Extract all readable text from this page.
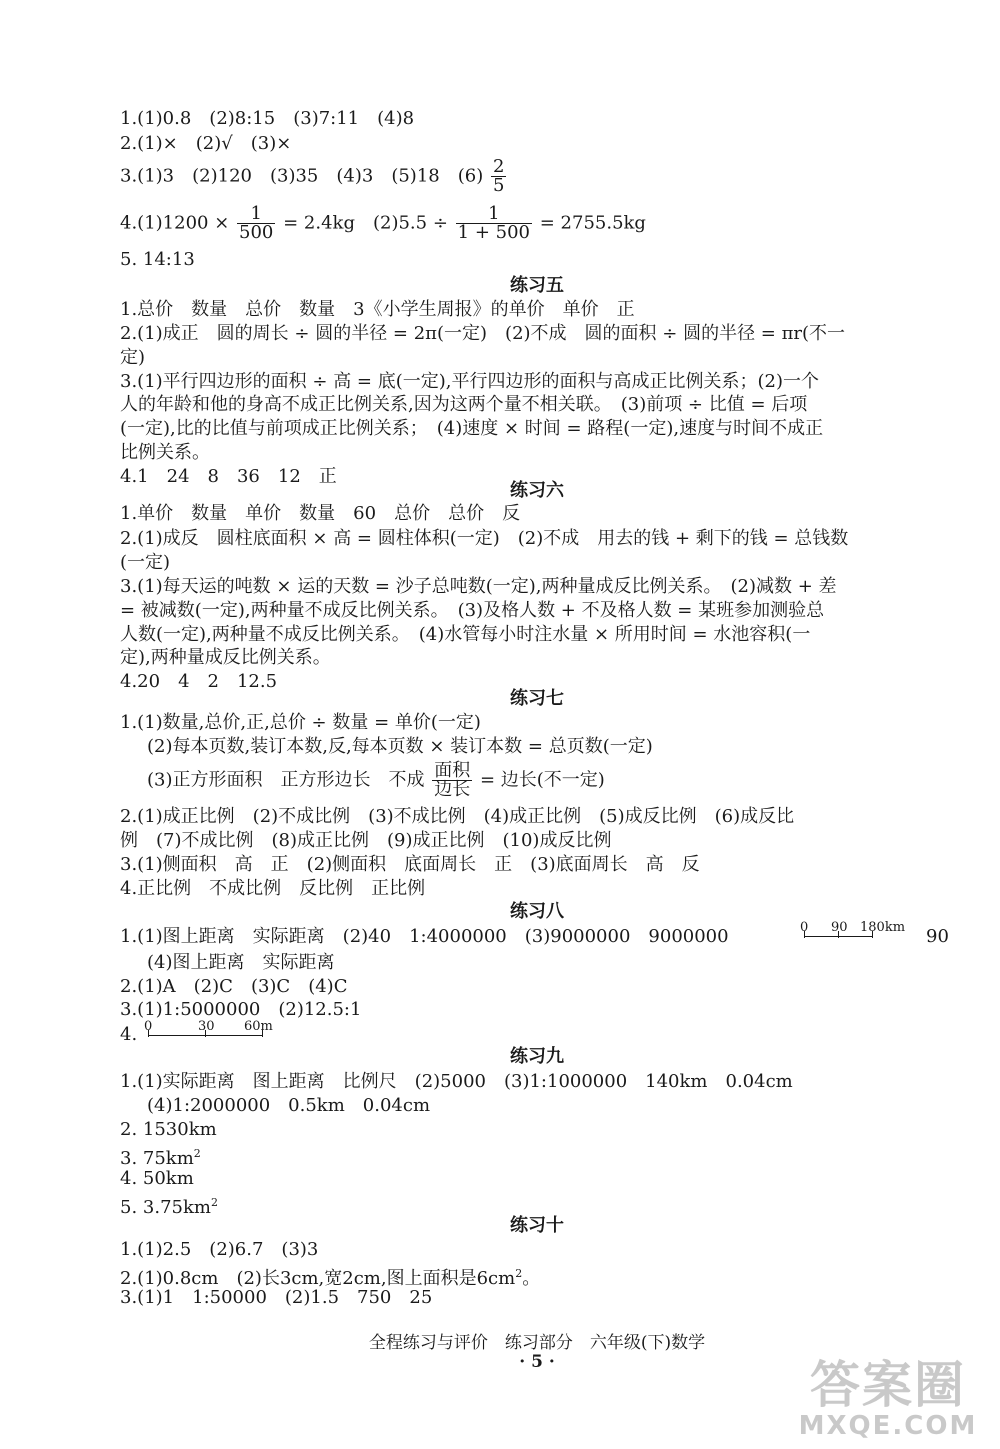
1.(1)0.8　(2)8:15　(3)7:11　(4)8
2.(1)×　(2)√　(3)×
3.(1)3　(2)120　(3)35　(4)3　(5)18　$(6) \frac{2}{5}$
$4.(1)1200 \times \frac{1}{500} = 2.4kg$　$(2)5.5 \div \frac{1}{1 + 500} = 2755.5kg$
5. 14:13
练习五
1.总价　数量　总价　数量　3《小学生周报》的单价　单价　正
2.(1)成正　圆的周长 ÷ 圆的半径 = 2π(一定)　(2)不成　圆的面积 ÷ 圆的半径 = πr(不一
定)
3.(1)平行四边形的面积 ÷ 高 = 底(一定),平行四边形的面积与高成正比例关系；(2)一个
人的年龄和他的身高不成正比例关系,因为这两个量不相关联。　(3)前项 ÷ 比值 = 后项
(一定),比的比值与前项成正比例关系；　(4)速度 × 时间 = 路程(一定),速度与时间不成正
比例关系。
4.1　24　8　36　12　正
练习六
1.单价　数量　单价　数量　60　总价　总价　反
2.(1)成反　圆柱底面积 × 高 = 圆柱体积(一定)　(2)不成　用去的钱 + 剩下的钱 = 总钱数
(一定)
3.(1)每天运的吨数 × 运的天数 = 沙子总吨数(一定),两种量成反比例关系。　(2)减数 + 差
= 被减数(一定),两种量不成反比例关系。　(3)及格人数 + 不及格人数 = 某班参加测验总
人数(一定),两种量不成反比例关系。　(4)水管每小时注水量 × 所用时间 = 水池容积(一
定),两种量成反比例关系。
4.20　4　2　12.5
练习七
1.(1)数量,总价,正,总价 ÷ 数量 = 单价(一定)
(2)每本页数,装订本数,反,每本页数 × 装订本数 = 总页数(一定)
(3)正方形面积　正方形边长　不成 $\frac{\text{面积}}{\text{边长}}$ = 边长(不一定)
2.(1)成正比例　(2)不成比例　(3)不成比例　(4)成正比例　(5)成反比例　(6)成反比
例　(7)不成比例　(8)成正比例　(9)成正比例　(10)成反比例
3.(1)侧面积　高　正　(2)侧面积　底面周长　正　(3)底面周长　高　反
4.正比例　不成比例　反比例　正比例
练习八
1.(1)图上距离　实际距离　(2)40　1:4000000　(3)9000000　9000000	0 90 180km 90
(4)图上距离　实际距离
2.(1)A　(2)C　(3)C　(4)C
3.(1)1:5000000　(2)12.5:1
4. 0	30 60m
练习九
1.(1)实际距离　图上距离　比例尺　(2)5000　(3)1:1000000　140km　0.04cm
(4)1:2000000　0.5km　0.04cm
2. 1530km
3. $75km^2$
4. 50km
5. $3.75km^2$
练习十
1.(1)2.5　(2)6.7　(3)3
2.(1)0.8cm　(2)长3cm,宽2cm,图上面积是$6cm^2$。
3.(1)1　1:50000　(2)1.5　750　25
全程练习与评价　练习部分　六年级(下)数学
· 5 ·	答案圈
MXQE.COM
